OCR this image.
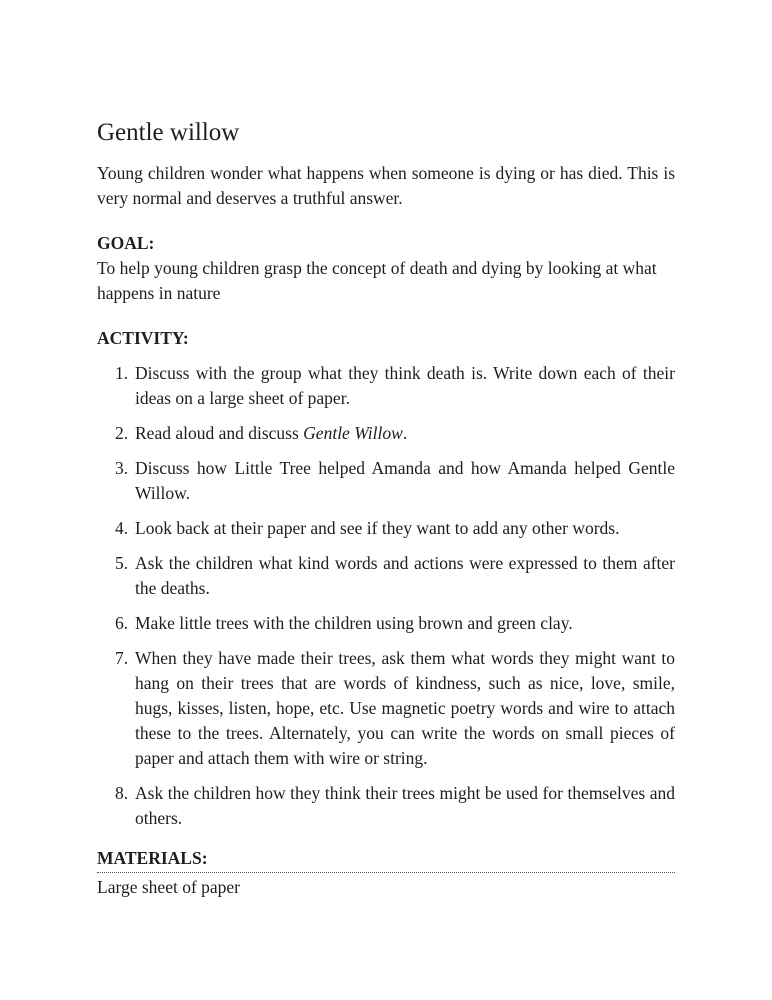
Gentle willow

Young children wonder what happens when someone is dying or has died. This is very normal and deserves a truthful answer.

GOAL:

To help young children grasp the concept of death and dying by looking at what happens in nature

ACTIVITY:

1. Discuss with the group what they think death is. Write down each of their ideas on a large sheet of paper.
2. Read aloud and discuss Gentle Willow.
3. Discuss how Little Tree helped Amanda and how Amanda helped Gentle Willow.
4. Look back at their paper and see if they want to add any other words.
5. Ask the children what kind words and actions were expressed to them after the deaths.
6. Make little trees with the children using brown and green clay.
7. When they have made their trees, ask them what words they might want to hang on their trees that are words of kindness, such as nice, love, smile, hugs, kisses, listen, hope, etc. Use magnetic poetry words and wire to attach these to the trees. Alternately, you can write the words on small pieces of paper and attach them with wire or string.
8. Ask the children how they think their trees might be used for themselves and others.

MATERIALS:

Large sheet of paper
